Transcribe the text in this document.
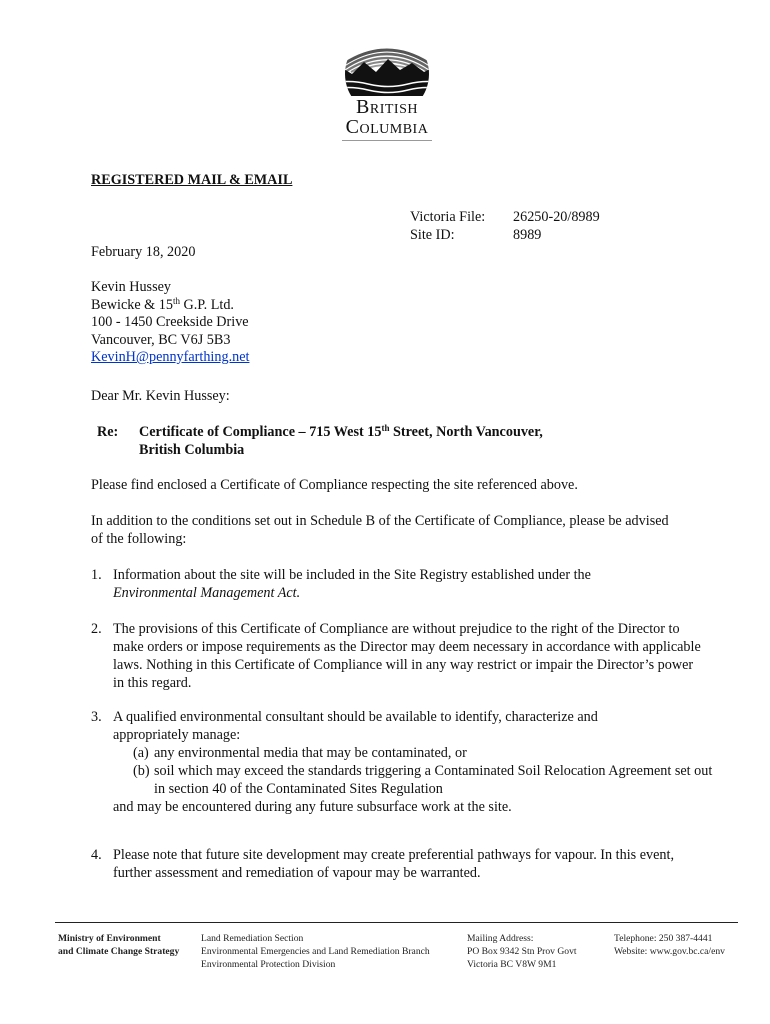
British
Columbia
REGISTERED MAIL & EMAIL
Victoria File:	26250-20/8989
Site ID:	8989
February 18, 2020
Kevin Hussey
Bewicke & 15th G.P. Ltd.
100 - 1450 Creekside Drive
Vancouver, BC V6J 5B3
KevinH@pennyfarthing.net
Dear Mr. Kevin Hussey:
Re: Certificate of Compliance – 715 West 15th Street, North Vancouver,
British Columbia
Please find enclosed a Certificate of Compliance respecting the site referenced above.
In addition to the conditions set out in Schedule B of the Certificate of Compliance, please be advised of the following:
1. Information about the site will be included in the Site Registry established under the
Environmental Management Act.
2. The provisions of this Certificate of Compliance are without prejudice to the right of the Director to make orders or impose requirements as the Director may deem necessary in accordance with applicable laws. Nothing in this Certificate of Compliance will in any way restrict or impair the Director’s power in this regard.
3. A qualified environmental consultant should be available to identify, characterize and appropriately manage:
(a) any environmental media that may be contaminated, or
(b) soil which may exceed the standards triggering a Contaminated Soil Relocation Agreement set out in section 40 of the Contaminated Sites Regulation
and may be encountered during any future subsurface work at the site.
4. Please note that future site development may create preferential pathways for vapour. In this event, further assessment and remediation of vapour may be warranted.
Ministry of Environment
and Climate Change Strategy
Land Remediation Section
Environmental Emergencies and Land Remediation Branch
Environmental Protection Division
Mailing Address:
PO Box 9342 Stn Prov Govt
Victoria BC V8W 9M1
Telephone: 250 387-4441
Website: www.gov.bc.ca/env
